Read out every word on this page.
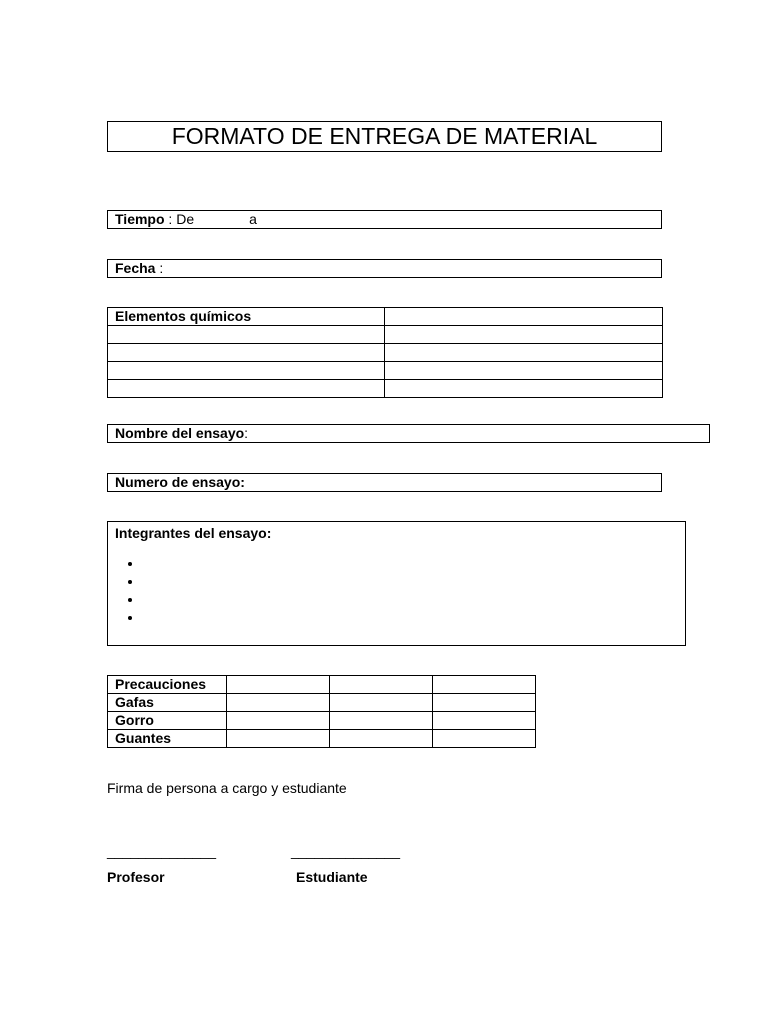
FORMATO DE ENTREGA DE MATERIAL
Tiempo : De	a
Fecha :
Elementos químicos	

Nombre del ensayo:
Numero de ensayo:
Integrantes del ensayo:
•
•
•
•
Precauciones			
Gafas			
Gorro			
Guantes			
Firma de persona a cargo y estudiante
______________	______________
Profesor	Estudiante
